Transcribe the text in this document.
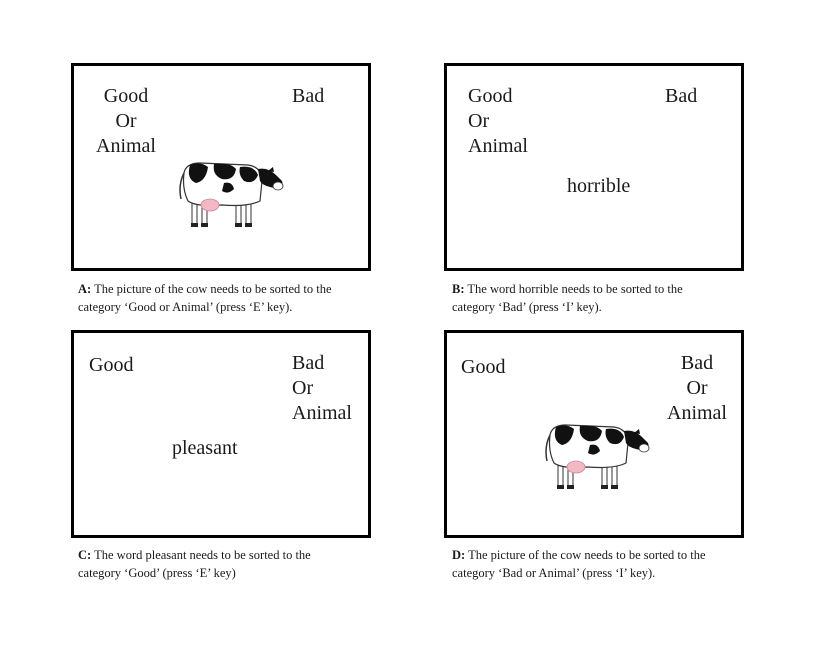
Good
Or
Animal
Bad
A: The picture of the cow needs to be sorted to the
category ‘Good or Animal’ (press ‘E’ key).
Good
Or
Animal
Bad
horrible
B: The word horrible needs to be sorted to the
category ‘Bad’ (press ‘I’ key).
Good	Bad
Or
Animal
pleasant
C: The word pleasant needs to be sorted to the
category ‘Good’ (press ‘E’ key)
Good	Bad
Or
Animal
D: The picture of the cow needs to be sorted to the
category ‘Bad or Animal’ (press ‘I’ key).
